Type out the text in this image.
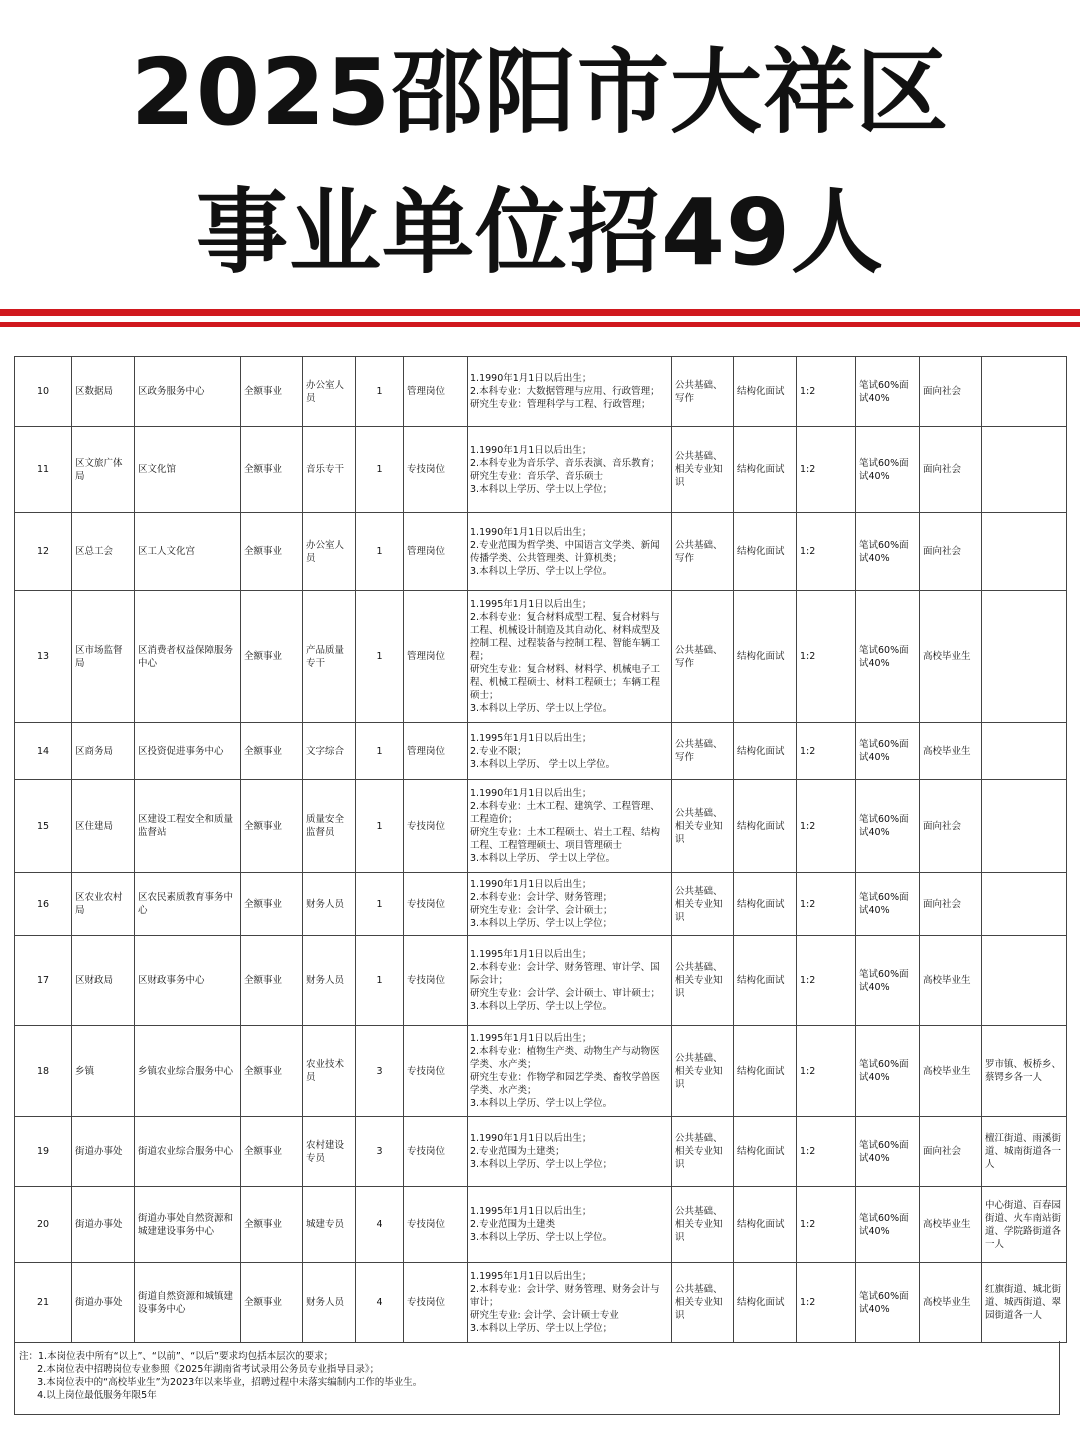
2025邵阳市大祥区
事业单位招49人
10	区数据局	区政务服务中心	全额事业	办公室人员	1	管理岗位	1.1990年1月1日以后出生；
2.本科专业：大数据管理与应用、行政管理；
研究生专业：管理科学与工程、行政管理；	公共基础、写作	结构化面试	1:2	笔试60%面试40%	面向社会	
11	区文旅广体局	区文化馆	全额事业	音乐专干	1	专技岗位	1.1990年1月1日以后出生；
2.本科专业为音乐学、音乐表演、音乐教育；
研究生专业：音乐学、音乐硕士
3.本科以上学历、学士以上学位；	公共基础、相关专业知识	结构化面试	1:2	笔试60%面试40%	面向社会	
12	区总工会	区工人文化宫	全额事业	办公室人员	1	管理岗位	1.1990年1月1日以后出生；
2.专业范围为哲学类、中国语言文学类、新闻传播学类、公共管理类、计算机类；
3.本科以上学历、学士以上学位。	公共基础、写作	结构化面试	1:2	笔试60%面试40%	面向社会	
13	区市场监督局	区消费者权益保障服务中心	全额事业	产品质量专干	1	管理岗位	1.1995年1月1日以后出生；
2.本科专业：复合材料成型工程、复合材料与工程、机械设计制造及其自动化、材料成型及控制工程、过程装备与控制工程、智能车辆工程；
研究生专业：复合材料、材料学、机械电子工程、机械工程硕士、材料工程硕士；车辆工程硕士；
3.本科以上学历、学士以上学位。	公共基础、写作	结构化面试	1:2	笔试60%面试40%	高校毕业生	
14	区商务局	区投资促进事务中心	全额事业	文字综合	1	管理岗位	1.1995年1月1日以后出生；
2.专业不限；
3.本科以上学历、 学士以上学位。	公共基础、写作	结构化面试	1:2	笔试60%面试40%	高校毕业生	
15	区住建局	区建设工程安全和质量监督站	全额事业	质量安全监督员	1	专技岗位	1.1990年1月1日以后出生；
2.本科专业：土木工程、建筑学、工程管理、工程造价；
研究生专业：土木工程硕士、岩土工程、结构工程、工程管理硕士、项目管理硕士
3.本科以上学历、 学士以上学位。	公共基础、相关专业知识	结构化面试	1:2	笔试60%面试40%	面向社会	
16	区农业农村局	区农民素质教育事务中心	全额事业	财务人员	1	专技岗位	1.1990年1月1日以后出生；
2.本科专业：会计学、财务管理；
研究生专业：会计学、会计硕士；
3.本科以上学历、学士以上学位；	公共基础、相关专业知识	结构化面试	1:2	笔试60%面试40%	面向社会	
17	区财政局	区财政事务中心	全额事业	财务人员	1	专技岗位	1.1995年1月1日以后出生；
2.本科专业：会计学、财务管理、审计学、国际会计；
研究生专业：会计学、会计硕士、审计硕士；
3.本科以上学历、学士以上学位。	公共基础、相关专业知识	结构化面试	1:2	笔试60%面试40%	高校毕业生	
18	乡镇	乡镇农业综合服务中心	全额事业	农业技术员	3	专技岗位	1.1995年1月1日以后出生；
2.本科专业：植物生产类、动物生产与动物医学类、水产类；
研究生专业：作物学和园艺学类、畜牧学兽医学类、水产类；
3.本科以上学历、学士以上学位。	公共基础、相关专业知识	结构化面试	1:2	笔试60%面试40%	高校毕业生	罗市镇、板桥乡、蔡锷乡各一人
19	街道办事处	街道农业综合服务中心	全额事业	农村建设专员	3	专技岗位	1.1990年1月1日以后出生；
2.专业范围为土建类；
3.本科以上学历、学士以上学位；	公共基础、相关专业知识	结构化面试	1:2	笔试60%面试40%	面向社会	檀江街道、雨溪街道、城南街道各一人
20	街道办事处	街道办事处自然资源和城建建设事务中心	全额事业	城建专员	4	专技岗位	1.1995年1月1日以后出生；
2.专业范围为土建类
3.本科以上学历、学士以上学位。	公共基础、相关专业知识	结构化面试	1:2	笔试60%面试40%	高校毕业生	中心街道、百春园街道、火车南站街道、学院路街道各一人
21	街道办事处	街道自然资源和城镇建设事务中心	全额事业	财务人员	4	专技岗位	1.1995年1月1日以后出生；
2.本科专业：会计学、财务管理、财务会计与审计；
研究生专业: 会计学、会计硕士专业
3.本科以上学历、学士以上学位；	公共基础、相关专业知识	结构化面试	1:2	笔试60%面试40%	高校毕业生	红旗街道、城北街道、城西街道、翠园街道各一人
注：1.本岗位表中所有“以上”、“以前”、“以后”要求均包括本层次的要求；
2.本岗位表中招聘岗位专业参照《2025年湖南省考试录用公务员专业指导目录》；
3.本岗位表中的“高校毕业生”为2023年以来毕业，招聘过程中未落实编制内工作的毕业生。
4.以上岗位最低服务年限5年
